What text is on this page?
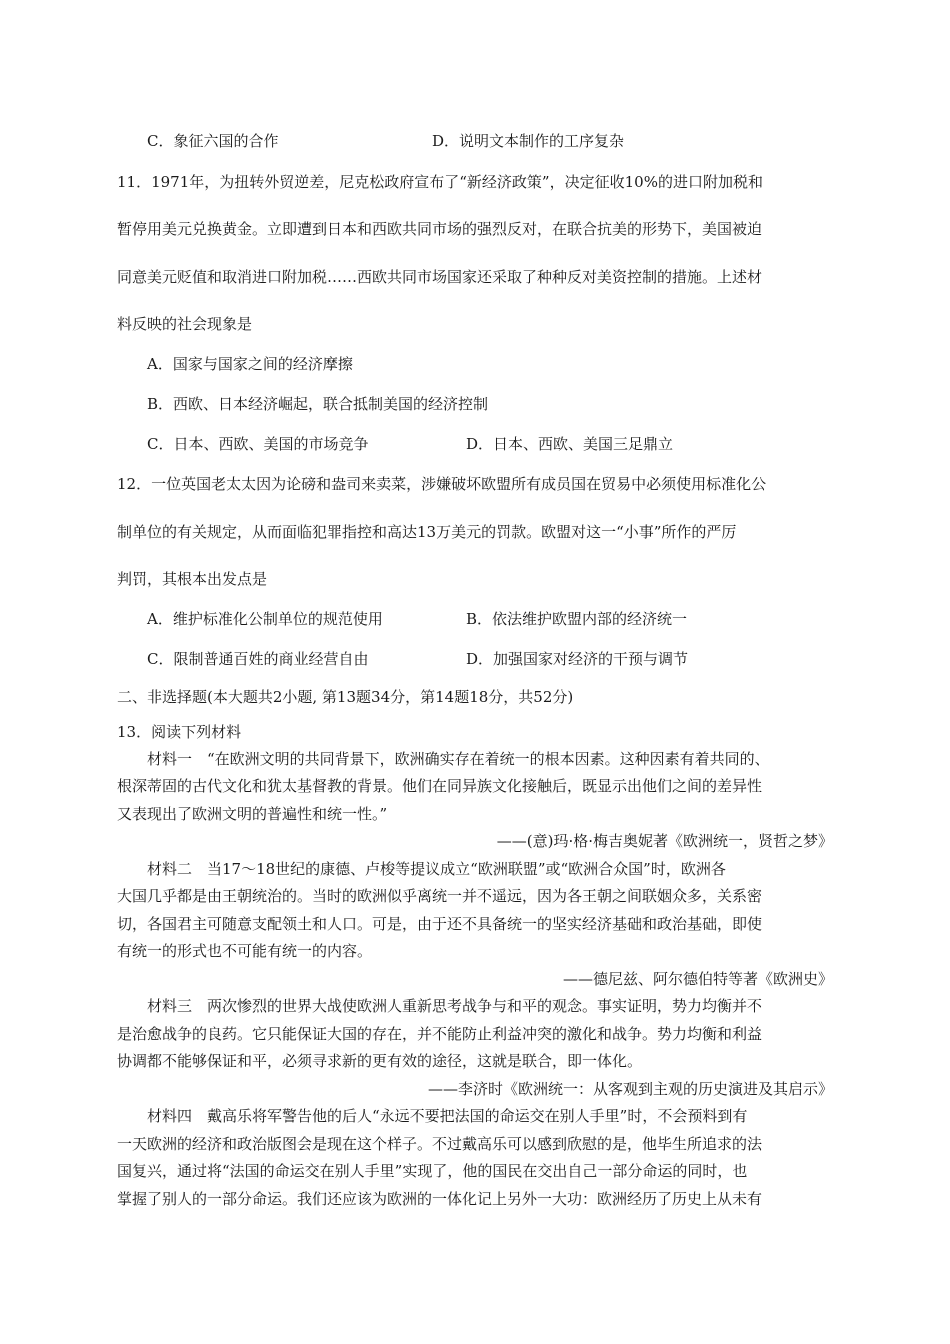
C．象征六国的合作	D．说明文本制作的工序复杂
11．1971年，为扭转外贸逆差，尼克松政府宣布了“新经济政策”，决定征收10%的进口附加税和
暂停用美元兑换黄金。立即遭到日本和西欧共同市场的强烈反对，在联合抗美的形势下，美国被迫
同意美元贬值和取消进口附加税……西欧共同市场国家还采取了种种反对美资控制的措施。上述材
料反映的社会现象是
A．国家与国家之间的经济摩擦
B．西欧、日本经济崛起，联合抵制美国的经济控制
C．日本、西欧、美国的市场竞争	D．日本、西欧、美国三足鼎立
12．一位英国老太太因为论磅和盎司来卖菜，涉嫌破坏欧盟所有成员国在贸易中必须使用标准化公
制单位的有关规定，从而面临犯罪指控和高达13万美元的罚款。欧盟对这一“小事”所作的严厉
判罚，其根本出发点是
A．维护标准化公制单位的规范使用	B．依法维护欧盟内部的经济统一
C．限制普通百姓的商业经营自由	D．加强国家对经济的干预与调节
二、非选择题(本大题共2小题, 第13题34分，第14题18分，共52分)
13．阅读下列材料
材料一　“在欧洲文明的共同背景下，欧洲确实存在着统一的根本因素。这种因素有着共同的、
根深蒂固的古代文化和犹太基督教的背景。他们在同异族文化接触后，既显示出他们之间的差异性
又表现出了欧洲文明的普遍性和统一性。”
——(意)玛·格·梅吉奥妮著《欧洲统一，贤哲之梦》
材料二　当17～18世纪的康德、卢梭等提议成立“欧洲联盟”或“欧洲合众国”时，欧洲各
大国几乎都是由王朝统治的。当时的欧洲似乎离统一并不遥远，因为各王朝之间联姻众多，关系密
切，各国君主可随意支配领土和人口。可是，由于还不具备统一的坚实经济基础和政治基础，即使
有统一的形式也不可能有统一的内容。
——德尼兹、阿尔德伯特等著《欧洲史》
材料三　两次惨烈的世界大战使欧洲人重新思考战争与和平的观念。事实证明，势力均衡并不
是治愈战争的良药。它只能保证大国的存在，并不能防止利益冲突的激化和战争。势力均衡和利益
协调都不能够保证和平，必须寻求新的更有效的途径，这就是联合，即一体化。
——李济时《欧洲统一：从客观到主观的历史演进及其启示》
材料四　戴高乐将军警告他的后人“永远不要把法国的命运交在别人手里”时，不会预料到有
一天欧洲的经济和政治版图会是现在这个样子。不过戴高乐可以感到欣慰的是，他毕生所追求的法
国复兴，通过将“法国的命运交在别人手里”实现了，他的国民在交出自己一部分命运的同时，也
掌握了别人的一部分命运。我们还应该为欧洲的一体化记上另外一大功：欧洲经历了历史上从未有
